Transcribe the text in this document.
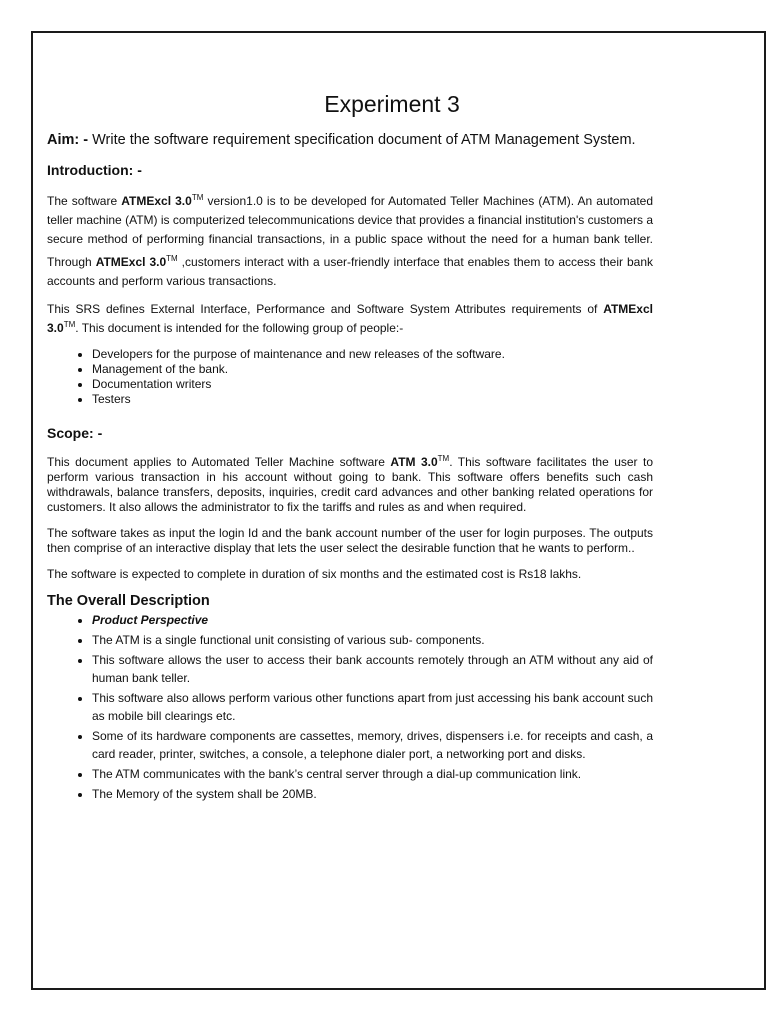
Experiment 3
Aim: - Write the software requirement specification document of ATM Management System.
Introduction: -

The software ATMExcl 3.0™ version1.0 is to be developed for Automated Teller Machines (ATM). An automated teller machine (ATM) is computerized telecommunications device that provides a financial institution's customers a secure method of performing financial transactions, in a public space without the need for a human bank teller. Through ATMExcl 3.0™ ,customers interact with a user-friendly interface that enables them to access their bank accounts and perform various transactions.

This SRS defines External Interface, Performance and Software System Attributes requirements of ATMExcl 3.0™. This document is intended for the following group of people:-

• Developers for the purpose of maintenance and new releases of the software.
• Management of the bank.
• Documentation writers
• Testers
Scope: -

This document applies to Automated Teller Machine software ATM 3.0™. This software facilitates the user to perform various transaction in his account without going to bank. This software offers benefits such cash withdrawals, balance transfers, deposits, inquiries, credit card advances and other banking related operations for customers. It also allows the administrator to fix the tariffs and rules as and when required.

The software takes as input the login Id and the bank account number of the user for login purposes. The outputs then comprise of an interactive display that lets the user select the desirable function that he wants to perform..

The software is expected to complete in duration of six months and the estimated cost is Rs18 lakhs.

The Overall Description
• Product Perspective
• The ATM is a single functional unit consisting of various sub- components.
• This software allows the user to access their bank accounts remotely through an ATM without any aid of human bank teller.
• This software also allows perform various other functions apart from just accessing his bank account such as mobile bill clearings etc.
• Some of its hardware components are cassettes, memory, drives, dispensers i.e. for receipts and cash, a card reader, printer, switches, a console, a telephone dialer port, a networking port and disks.
• The ATM communicates with the bank’s central server through a dial-up communication link.
• The Memory of the system shall be 20MB.
